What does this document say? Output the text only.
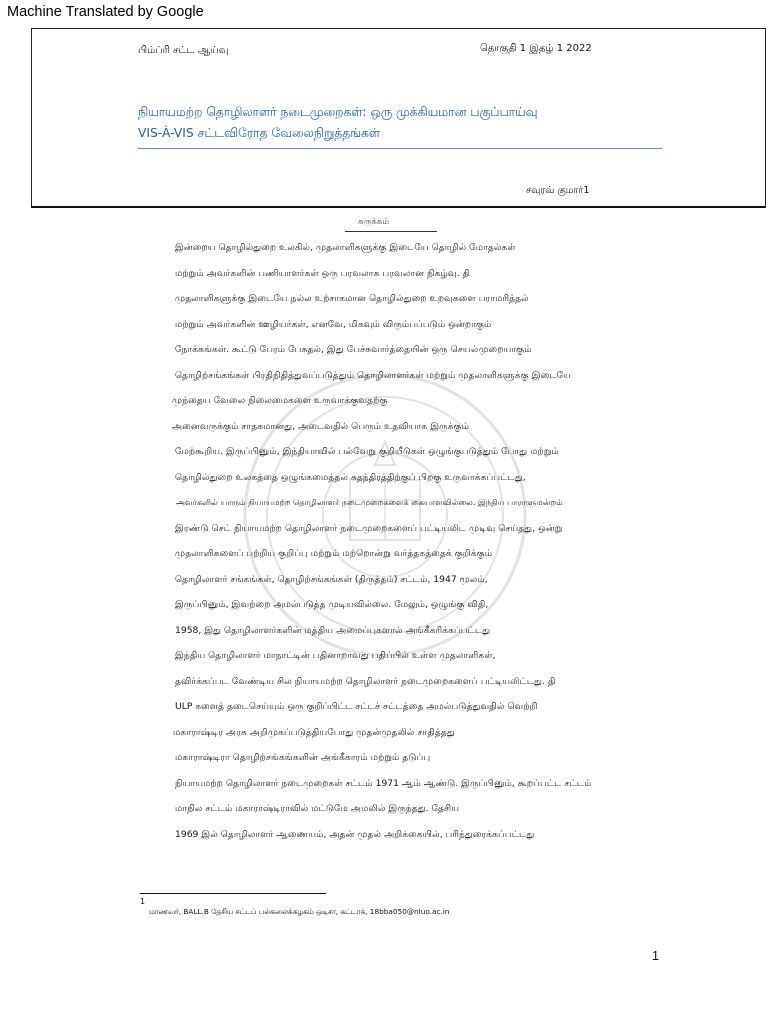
Machine Translated by Google
பிம்ப்ரி சட்ட ஆய்வு	தொகுதி 1 இதழ் 1 2022
நியாயமற்ற தொழிலாளர் நடைமுறைகள்: ஒரு முக்கியமான பகுப்பாய்வு
VIS-À-VIS சட்டவிரோத வேலைநிறுத்தங்கள்
சவுரவ் குமார்1
சுருக்கம்
இன்றைய தொழில்துறை உலகில், முதலாளிகளுக்கு இடையே தொழில் மோதல்கள்
மற்றும் அவர்களின் பணியாளர்கள் ஒரு பரவலாக பரவலான நிகழ்வு. தி
முதலாளிகளுக்கு இடையே நல்ல உற்சாகமான தொழில்துறை உறவுகளை பராமரித்தல்
மற்றும் அவர்களின் ஊழியர்கள், எனவே, மிகவும் விரும்பப்படும் ஒன்றாகும்
நோக்கங்கள். கூட்டு பேரம் பேசுதல், இது பேச்சுவார்த்தையின் ஒரு செயல்முறையாகும்
தொழிற்சங்கங்கள் பிரதிநிதித்துவப்படுத்தும் தொழிலாளர்கள் மற்றும் முதலாளிகளுக்கு இடையே
முந்தைய வேலை நிலைமைகளை உருவாக்குவதற்கு
அனைவருக்கும் சாதகமானது, அடைவதில் பெரும் உதவியாக இருக்கும்
மேற்கூறிய. இருப்பினும், இந்தியாவில் பல்வேறு குறியீடுகள் ஒழுங்குபடுத்தும் போது மற்றும்
தொழில்துறை உலகத்தை ஒழுங்கமைத்தல் சுதந்திரத்திற்குப் பிறகு உருவாக்கப்பட்டது,
அவர்களில் யாரும் நியாயமற்ற தொழிலாளர் நடைமுறைகளைக் கையாளவில்லை. இந்திய பாராளுமன்றம்
இரண்டு செட் நியாயமற்ற தொழிலாளர் நடைமுறைகளைப் பட்டியலிட முடிவு செய்தது, ஒன்று
முதலாளிகளைப் பற்றிய குறிப்பு மற்றும் மற்றொன்று வர்த்தகத்தைக் குறிக்கும்
தொழிலாளர் சங்கங்கள், தொழிற்சங்கங்கள் (திருத்தம்) சட்டம், 1947 மூலம்,
இருப்பினும், இவற்றை அமல்படுத்த முடியவில்லை. மேலும், ஒழுங்கு விதி,
1958, இது தொழிலாளர்களின் மத்திய அமைப்புகளால் அங்கீகரிக்கப்பட்டது
இந்திய தொழிலாளர் மாநாட்டின் பதினாறாவது பதிப்பில் உள்ள முதலாளிகள்,
தவிர்க்கப்பட வேண்டிய சில நியாயமற்ற தொழிலாளர் நடைமுறைகளைப் பட்டியலிட்டது. தி
ULP களைத் தடைசெய்யும் ஒரு குறிப்பிட்ட சட்டச் சட்டத்தை அமல்படுத்துவதில் வெற்றி
மகாராஷ்டிர அரசு அறிமுகப்படுத்தியபோது முதன்முதலில் சாதித்தது
மகாராஷ்டிரா தொழிற்சங்கங்களின் அங்கீகாரம் மற்றும் தடுப்பு
நியாயமற்ற தொழிலாளர் நடைமுறைகள் சட்டம் 1971 ஆம் ஆண்டு. இருப்பினும், கூறப்பட்ட சட்டம்
மாநில சட்டம் மகாராஷ்டிராவில் மட்டுமே அமலில் இருந்தது. தேசிய
1969 இல் தொழிலாளர் ஆணையம், அதன் முதல் அறிக்கையில், பரிந்துரைக்கப்பட்டது
1
மாணவர், BALL.B தேசிய சட்டப் பல்கலைக்கழகம் ஒடிசா, கட்டாக், 18bba050@nluo.ac.in
1
